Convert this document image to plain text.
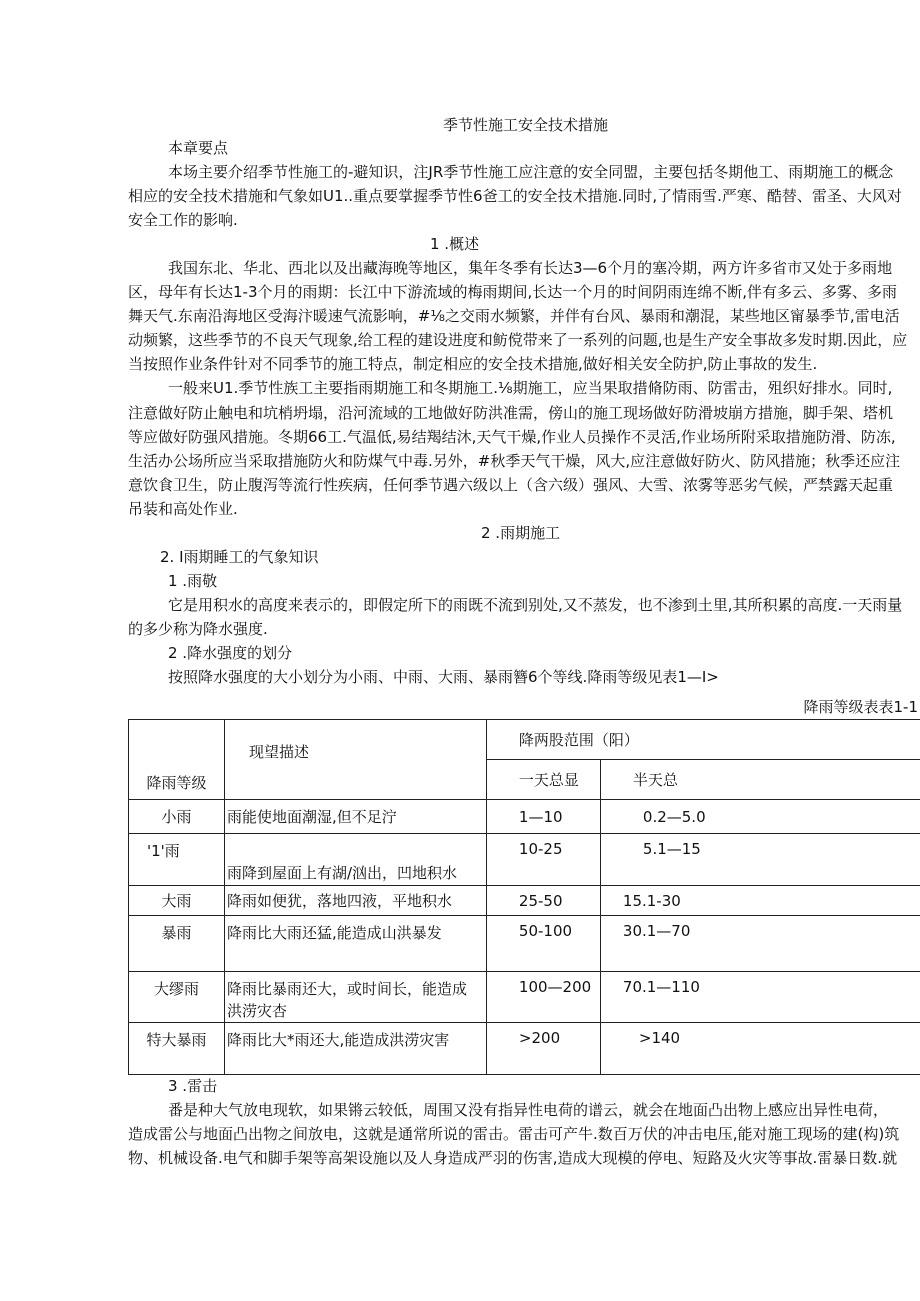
季节性施工安全技术措施
本章要点
本场主要介绍季节性施工的-避知识，注JR季节性施工应注意的安全同盟，主要包括冬期他工、雨期施工的概念
相应的安全技术措施和气象如U1..重点要掌握季节性6爸工的安全技术措施.同时,了情雨雪.严寒、酷替、雷圣、大风对
安全工作的影响.
1 .概述
我国东北、华北、西北以及出藏海晚等地区，集年冬季有长达3—6个月的塞冷期，两方许多省市又处于多雨地
区，母年有长达1-3个月的雨期：长江中下游流域的梅雨期间,长达一个月的时间阴雨连绵不断,伴有多云、多雾、多雨
舞天气.东南沿海地区受海汴暖速气流影响，#⅛之交雨水频繁，并伴有台风、暴雨和潮混，某些地区甯暴季节,雷电活
动频繁，这些季节的不良天气现象,给工程的建设进度和鲂傥带来了一系列的问题,也是生产安全事故多发时期.因此，应
当按照作业条件针对不同季节的施工特点，制定相应的安全技术措施,做好相关安全防护,防止事故的发生.
一般来U1.季节性族工主要指雨期施工和冬期施工.⅛期施工，应当果取措脩防雨、防雷击，殂织好排水。同时,
注意做好防止触电和坑梢坍塌，沿河流域的工地做好防洪准需，傍山的施工现场做好防滑坡崩方措施，脚手架、塔机
等应做好防强风措施。冬期66工.气温低,易结羯结沐,天气干燥,作业人员操作不灵活,作业场所附采取措施防滑、防冻,
生活办公场所应当采取措施防火和防煤气中毒.另外，#秋季天气干燥，风大,应注意做好防火、防风措施；秋季还应注
意饮食卫生，防止腹泻等流行性疾病，任何季节遇六级以上（含六级）强风、大雪、浓雾等恶劣气候，严禁露天起重
吊装和高处作业.
2 .雨期施工
2. I雨期睡工的气象知识
1 .雨敬
它是用积水的高度来表示的，即假定所下的雨既不流到别处,又不蒸发，也不渗到土里,其所积累的高度.一天雨量
的多少称为降水强度.
2 .降水强度的划分
按照降水强度的大小划分为小雨、中雨、大雨、暴雨簪6个等线.降雨等级见表1—I>
降雨等级表表1-1
降雨等级	现望描述	降两股范围（阳）	
		一天总显	半天总
小雨	雨能使地面潮湿,但不足泞	1—10	0.2—5.0
'1'雨	雨降到屋面上有湖/汹出，凹地积水	10-25	5.1—15
大雨	降雨如便犹，落地四液，平地积水	25-50	15.1-30
暴雨	降雨比大雨还猛,能造成山洪暴发	50-100	30.1—70
大缪雨	降雨比暴雨还大，或时间长，能造成
洪涝灾杏	100—200	70.1—110
特大暴雨	降雨比大*雨还大,能造成洪涝灾害	>200	>140
3 .雷击
番是种大气放电现软，如果锵云较低，周围又没有指异性电荷的谱云，就会在地面凸出物上感应出异性电荷，
造成雷公与地面凸出物之间放电，这就是通常所说的雷击。雷击可产牛.数百万伏的冲击电压,能对施工现场的建(构)筑
物、机械设备.电气和脚手架等高架设施以及人身造成严羽的伤害,造成大现模的停电、短路及火灾等事故.雷暴日数.就
